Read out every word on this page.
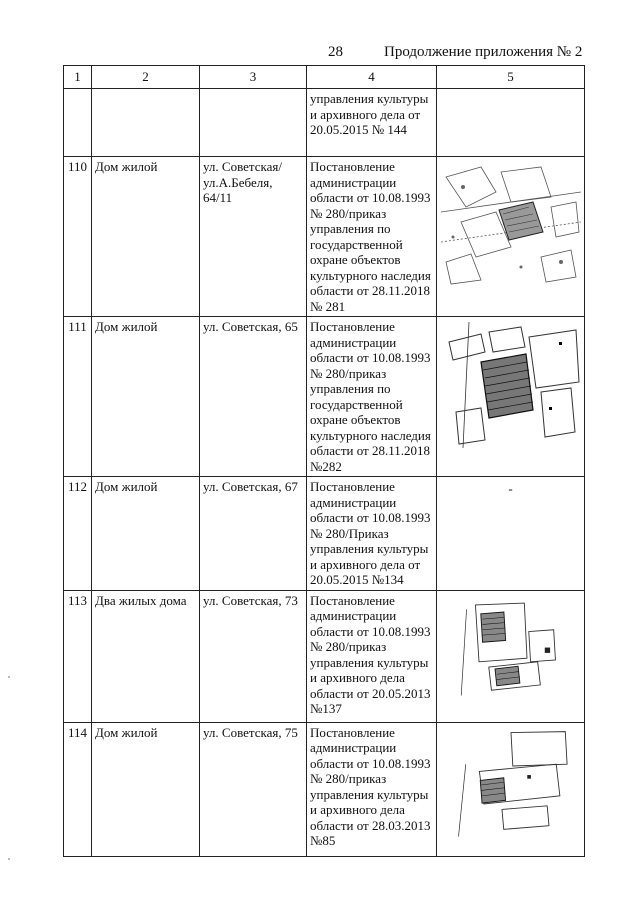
28	Продолжение приложения № 2
1	2	3	4	5
			управления культуры и архивного дела от 20.05.2015 № 144	
110	Дом жилой	ул. Советская/ ул.А.Бебеля, 64/11	Постановление администрации области от 10.08.1993 № 280/приказ управления по государственной охране объектов культурного наследия области от 28.11.2018 № 281	

111	Дом жилой	ул. Советская, 65	Постановление администрации области от 10.08.1993 № 280/приказ управления по государственной охране объектов культурного наследия области от 28.11.2018 №282	

112	Дом жилой	ул. Советская, 67	Постановление администрации области от 10.08.1993 № 280/Приказ управления культуры и архивного дела от 20.05.2015 №134	-

113	Два жилых дома	ул. Советская, 73	Постановление администрации области от 10.08.1993 № 280/приказ управления культуры и архивного дела области от 20.05.2013 №137	

114	Дом жилой	ул. Советская, 75	Постановление администрации области от 10.08.1993 № 280/приказ управления культуры и архивного дела области от 28.03.2013 №85	
